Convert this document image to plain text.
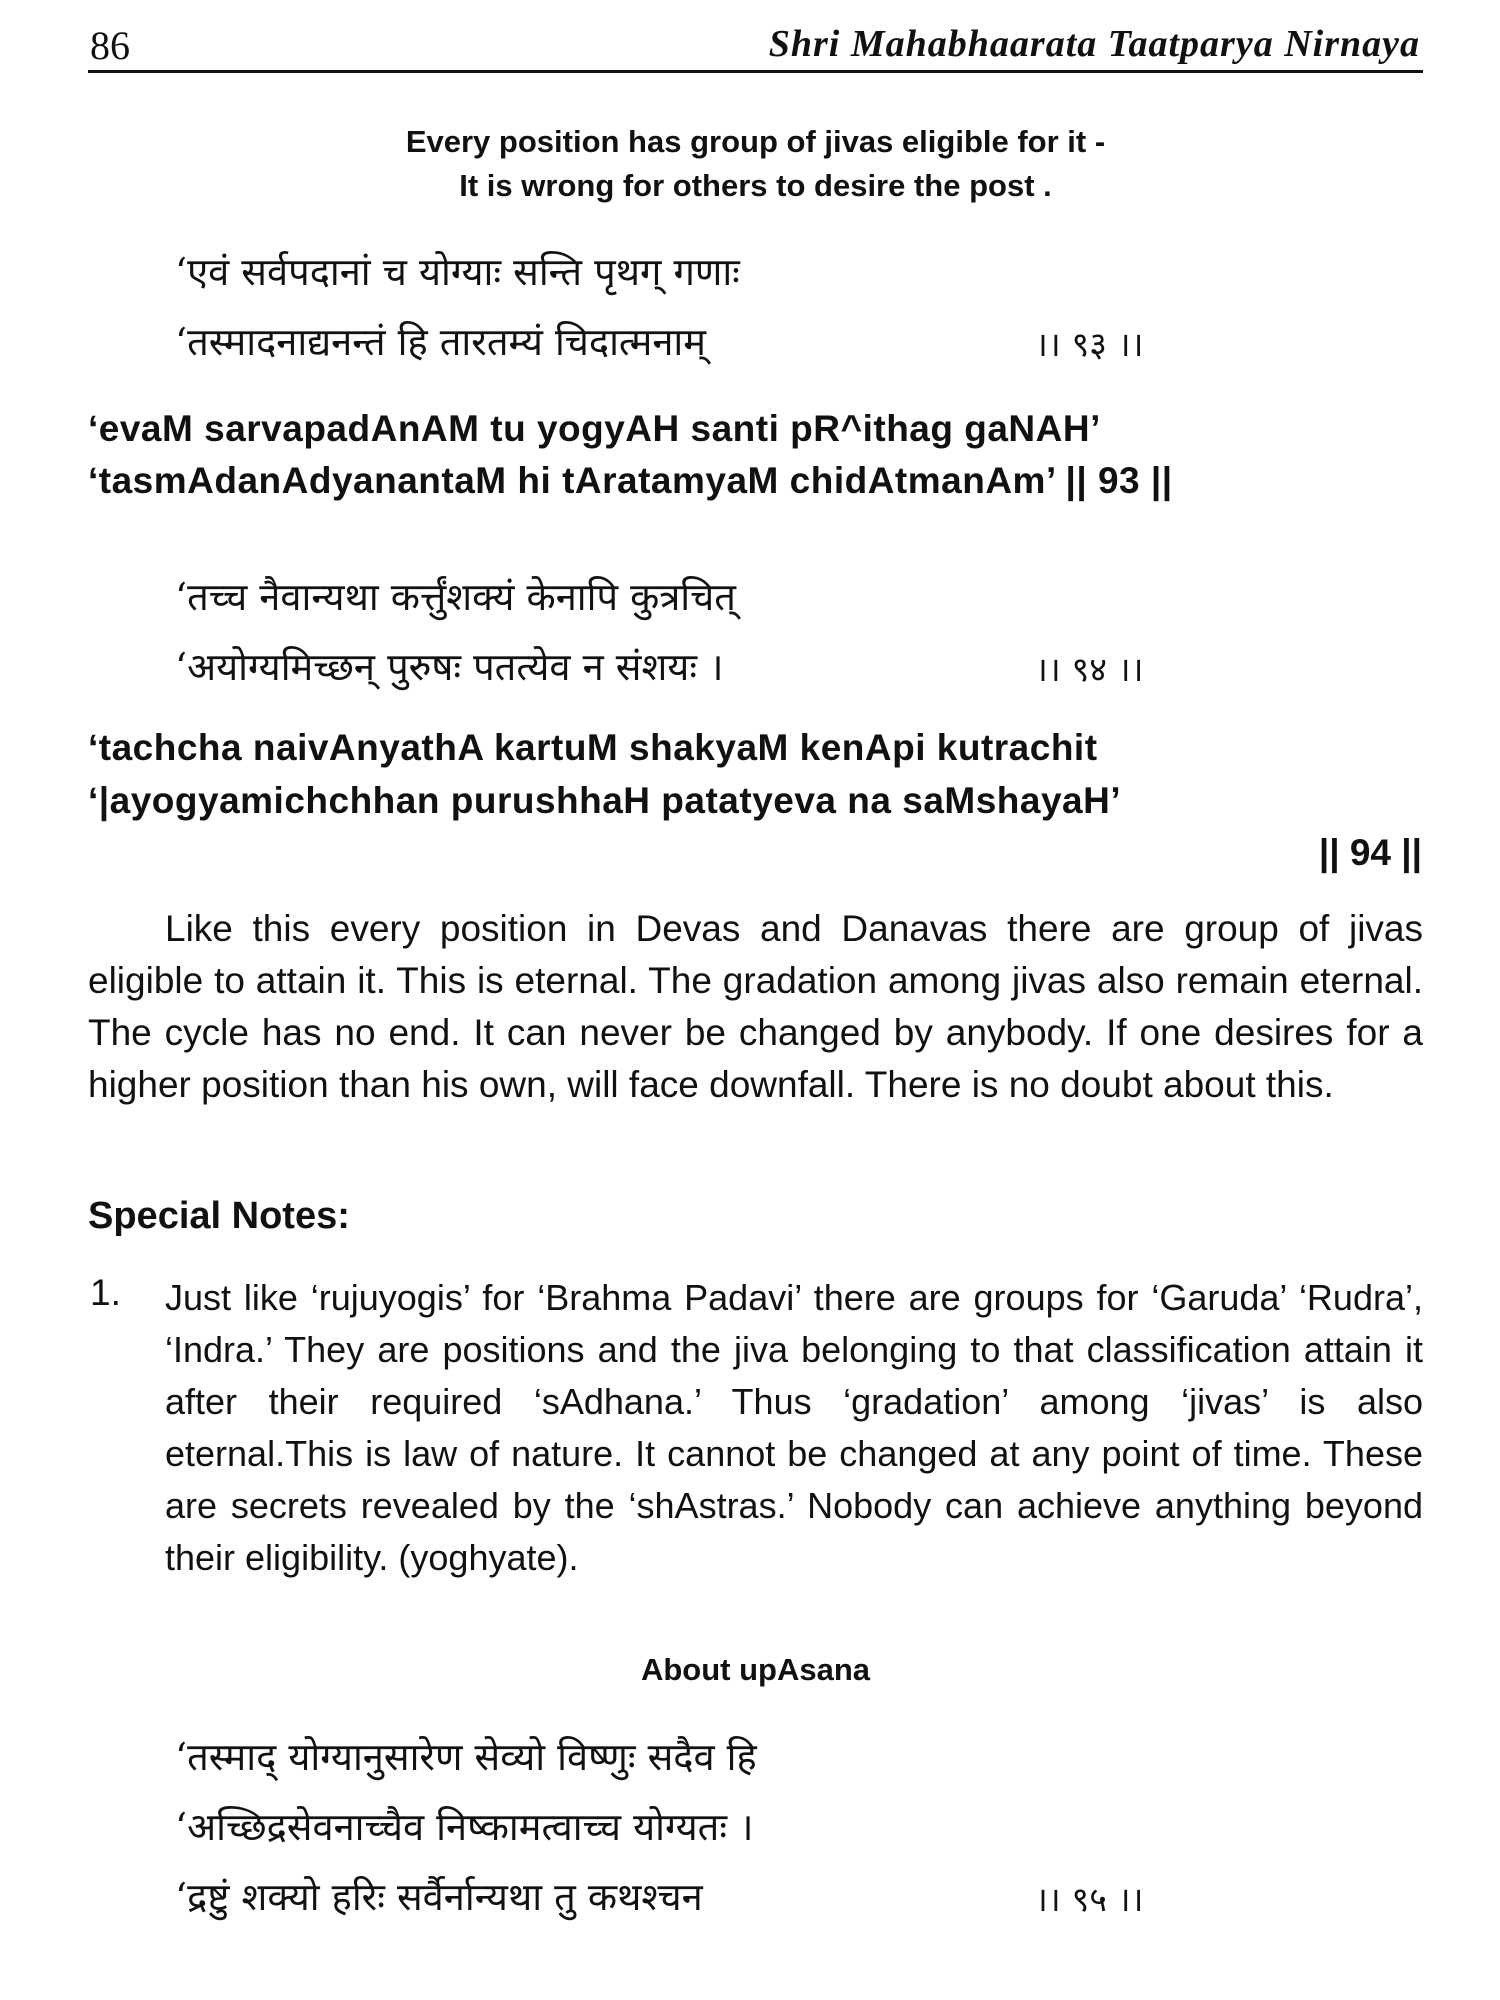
86	Shri Mahabhaarata Taatparya Nirnaya
Every position has group of jivas eligible for it -
It is wrong for others to desire the post .
‘एवं सर्वपदानां च योग्याः सन्ति पृथग् गणाः
‘तस्मादनाद्यनन्तं हि तारतम्यं चिदात्मनाम्	।। ९३ ।।
‘evaM sarvapadAnAM tu yogyAH santi pR^ithag gaNAH’
‘tasmAdanAdyanantaM hi tAratamyaM chidAtmanAm’ || 93 ||
‘तच्च नैवान्यथा कर्त्तुंशक्यं केनापि कुत्रचित्
‘अयोग्यमिच्छन् पुरुषः पतत्येव न संशयः ।	।। ९४ ।।
‘tachcha naivAnyathA kartuM shakyaM kenApi kutrachit
‘|ayogyamichchhan purushhaH patatyeva na saMshayaH’
|| 94 ||
Like this every position in Devas and Danavas there are group of jivas eligible to attain it. This is eternal. The gradation among jivas also remain eternal. The cycle has no end. It can never be changed by anybody. If one desires for a higher position than his own, will face downfall. There is no doubt about this.
Special Notes:
1. Just like ‘rujuyogis’ for ‘Brahma Padavi’ there are groups for ‘Garuda’ ‘Rudra’, ‘Indra.’ They are positions and the jiva belonging to that classification attain it after their required ‘sAdhana.’ Thus ‘gradation’ among ‘jivas’ is also eternal.This is law of nature. It cannot be changed at any point of time. These are secrets revealed by the ‘shAstras.’ Nobody can achieve anything beyond their eligibility. (yoghyate).
About upAsana
‘तस्माद् योग्यानुसारेण सेव्यो विष्णुः सदैव हि
‘अच्छिद्रसेवनाच्चैव निष्कामत्वाच्च योग्यतः ।
‘द्रष्टुं शक्यो हरिः सर्वैर्नान्यथा तु कथश्चन	।। ९५ ।।
